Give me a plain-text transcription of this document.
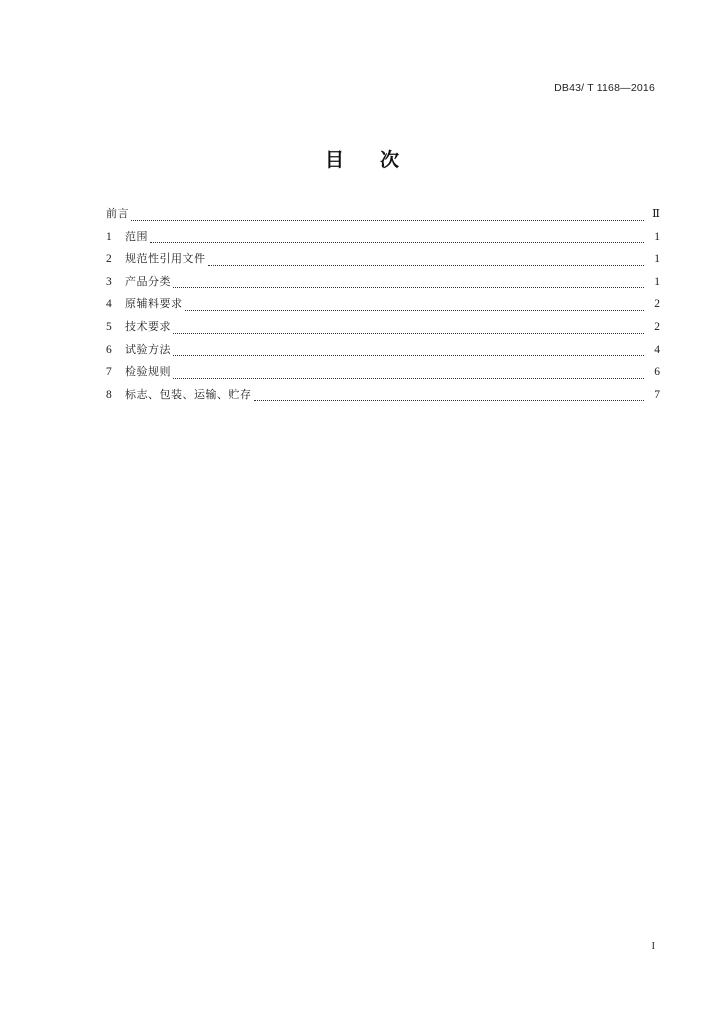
DB43/ T 1168—2016
目 次
前言	Ⅱ
1	范围	1
2	规范性引用文件	1
3	产品分类	1
4	原辅料要求	2
5	技术要求	2
6	试验方法	4
7	检验规则	6
8	标志、包装、运输、贮存	7
I
